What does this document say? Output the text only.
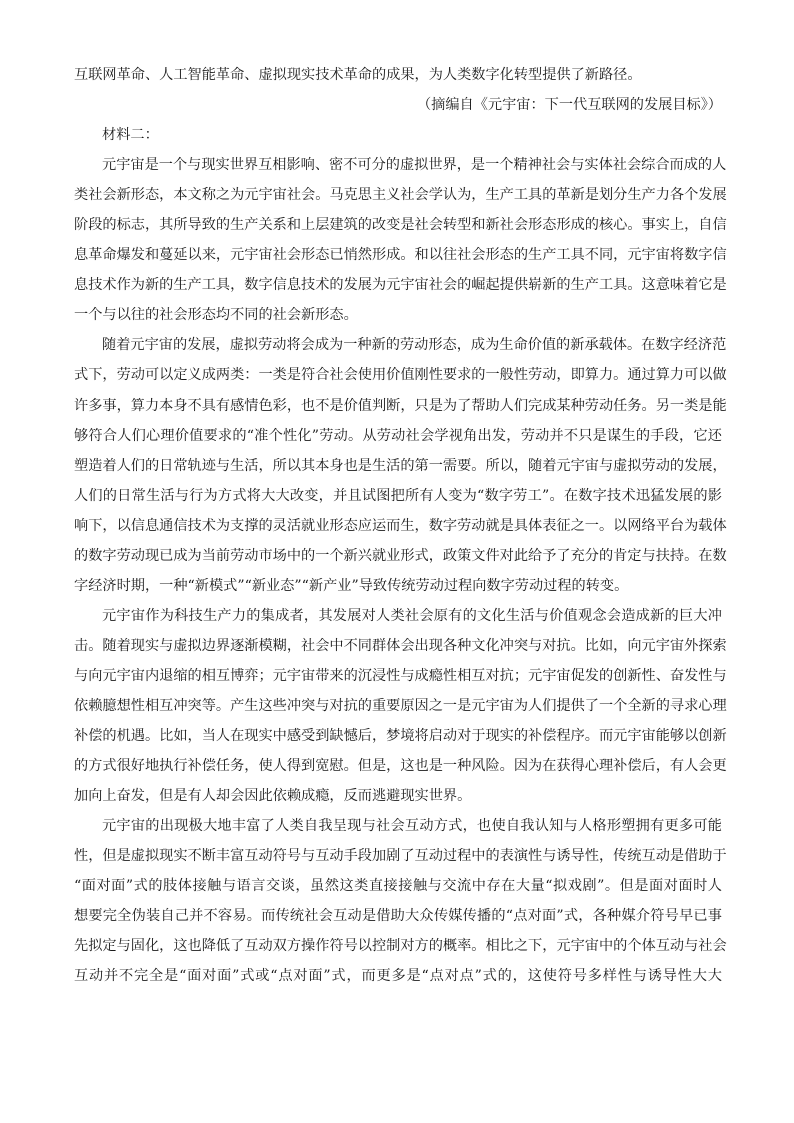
互联网革命、人工智能革命、虚拟现实技术革命的成果，为人类数字化转型提供了新路径。
（摘编自《元宇宙：下一代互联网的发展目标》）
材料二：
元宇宙是一个与现实世界互相影响、密不可分的虚拟世界，是一个精神社会与实体社会综合而成的人
类社会新形态，本文称之为元宇宙社会。马克思主义社会学认为，生产工具的革新是划分生产力各个发展
阶段的标志，其所导致的生产关系和上层建筑的改变是社会转型和新社会形态形成的核心。事实上，自信
息革命爆发和蔓延以来，元宇宙社会形态已悄然形成。和以往社会形态的生产工具不同，元宇宙将数字信
息技术作为新的生产工具，数字信息技术的发展为元宇宙社会的崛起提供崭新的生产工具。这意味着它是
一个与以往的社会形态均不同的社会新形态。
随着元宇宙的发展，虚拟劳动将会成为一种新的劳动形态，成为生命价值的新承载体。在数字经济范
式下，劳动可以定义成两类：一类是符合社会使用价值刚性要求的一般性劳动，即算力。通过算力可以做
许多事，算力本身不具有感情色彩，也不是价值判断，只是为了帮助人们完成某种劳动任务。另一类是能
够符合人们心理价值要求的“准个性化”劳动。从劳动社会学视角出发，劳动并不只是谋生的手段，它还
塑造着人们的日常轨迹与生活，所以其本身也是生活的第一需要。所以，随着元宇宙与虚拟劳动的发展，
人们的日常生活与行为方式将大大改变，并且试图把所有人变为“数字劳工”。在数字技术迅猛发展的影
响下，以信息通信技术为支撑的灵活就业形态应运而生，数字劳动就是具体表征之一。以网络平台为载体
的数字劳动现已成为当前劳动市场中的一个新兴就业形式，政策文件对此给予了充分的肯定与扶持。在数
字经济时期，一种“新模式”“新业态”“新产业”导致传统劳动过程向数字劳动过程的转变。
元宇宙作为科技生产力的集成者，其发展对人类社会原有的文化生活与价值观念会造成新的巨大冲
击。随着现实与虚拟边界逐渐模糊，社会中不同群体会出现各种文化冲突与对抗。比如，向元宇宙外探索
与向元宇宙内退缩的相互博弈；元宇宙带来的沉浸性与成瘾性相互对抗；元宇宙促发的创新性、奋发性与
依赖臆想性相互冲突等。产生这些冲突与对抗的重要原因之一是元宇宙为人们提供了一个全新的寻求心理
补偿的机遇。比如，当人在现实中感受到缺憾后，梦境将启动对于现实的补偿程序。而元宇宙能够以创新
的方式很好地执行补偿任务，使人得到宽慰。但是，这也是一种风险。因为在获得心理补偿后，有人会更
加向上奋发，但是有人却会因此依赖成瘾，反而逃避现实世界。
元宇宙的出现极大地丰富了人类自我呈现与社会互动方式，也使自我认知与人格形塑拥有更多可能
性，但是虚拟现实不断丰富互动符号与互动手段加剧了互动过程中的表演性与诱导性，传统互动是借助于
“面对面”式的肢体接触与语言交谈，虽然这类直接接触与交流中存在大量“拟戏剧”。但是面对面时人
想要完全伪装自己并不容易。而传统社会互动是借助大众传媒传播的“点对面”式，各种媒介符号早已事
先拟定与固化，这也降低了互动双方操作符号以控制对方的概率。相比之下，元宇宙中的个体互动与社会
互动并不完全是“面对面”式或“点对面”式，而更多是“点对点”式的，这使符号多样性与诱导性大大
